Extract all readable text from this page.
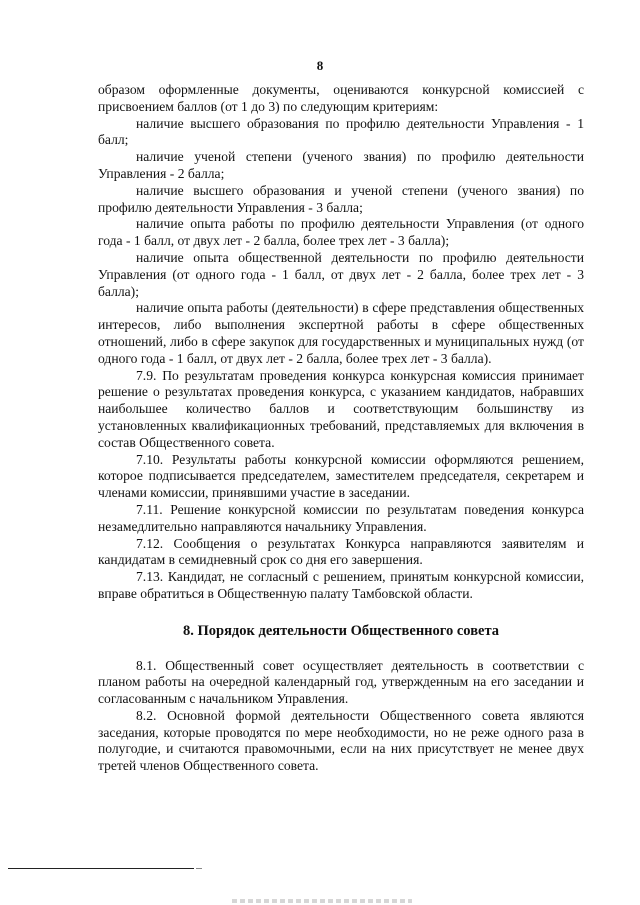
8

образом оформленные документы, оцениваются конкурсной комиссией с присвоением баллов (от 1 до 3) по следующим критериям:

наличие высшего образования по профилю деятельности Управления - 1 балл;

наличие ученой степени (ученого звания) по профилю деятельности Управления - 2 балла;

наличие высшего образования и ученой степени (ученого звания) по профилю деятельности Управления - 3 балла;

наличие опыта работы по профилю деятельности Управления (от одного года - 1 балл, от двух лет - 2 балла, более трех лет - 3 балла);

наличие опыта общественной деятельности по профилю деятельности Управления (от одного года - 1 балл, от двух лет - 2 балла, более трех лет - 3 балла);

наличие опыта работы (деятельности) в сфере представления общественных интересов, либо выполнения экспертной работы в сфере общественных отношений, либо в сфере закупок для государственных и муниципальных нужд (от одного года - 1 балл, от двух лет - 2 балла, более трех лет - 3 балла).

7.9. По результатам проведения конкурса конкурсная комиссия принимает решение о результатах проведения конкурса, с указанием кандидатов, набравших наибольшее количество баллов и соответствующим большинству из установленных квалификационных требований, представляемых для включения в состав Общественного совета.

7.10. Результаты работы конкурсной комиссии оформляются решением, которое подписывается председателем, заместителем председателя, секретарем и членами комиссии, принявшими участие в заседании.

7.11. Решение конкурсной комиссии по результатам поведения конкурса незамедлительно направляются начальнику Управления.

7.12. Сообщения о результатах Конкурса направляются заявителям и кандидатам в семидневный срок со дня его завершения.

7.13. Кандидат, не согласный с решением, принятым конкурсной комиссии, вправе обратиться в Общественную палату Тамбовской области.

8. Порядок деятельности Общественного совета

8.1. Общественный совет осуществляет деятельность в соответствии с планом работы на очередной календарный год, утвержденным на его заседании и согласованным с начальником Управления.

8.2. Основной формой деятельности Общественного совета являются заседания, которые проводятся по мере необходимости, но не реже одного раза в полугодие, и считаются правомочными, если на них присутствует не менее двух третей членов Общественного совета.
